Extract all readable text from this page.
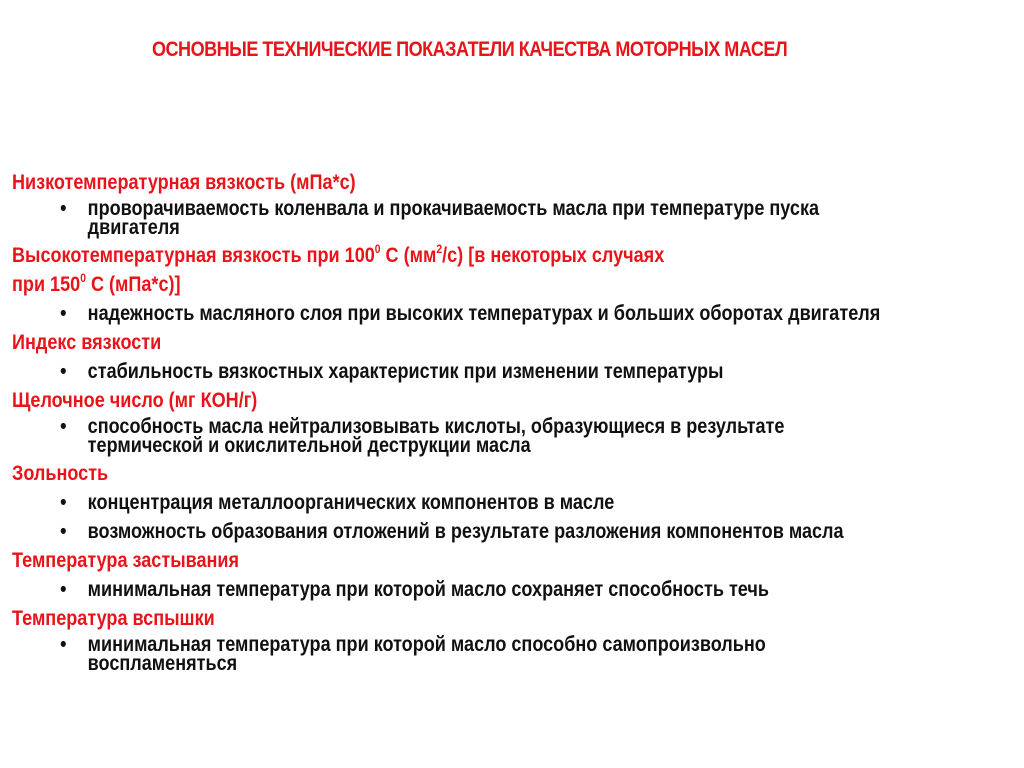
ОСНОВНЫЕ ТЕХНИЧЕСКИЕ ПОКАЗАТЕЛИ КАЧЕСТВА МОТОРНЫХ МАСЕЛ
Низкотемпературная вязкость (мПа*с)
• проворачиваемость коленвала и прокачиваемость масла при температуре пуска
двигателя
Высокотемпературная вязкость при $100^0$ С $(мм^2/с)$ [в некоторых случаях
при $150^0$ С (мПа*с)]
• надежность масляного слоя при высоких температурах и больших оборотах двигателя
Индекс вязкости
• стабильность вязкостных характеристик при изменении температуры
Щелочное число (мг КОН/г)
• способность масла нейтрализовывать кислоты, образующиеся в результате
термической и окислительной деструкции масла
Зольность
• концентрация металлоорганических компонентов в масле
• возможность образования отложений в результате разложения компонентов масла
Температура застывания
• минимальная температура при которой масло сохраняет способность течь
Температура вспышки
• минимальная температура при которой масло способно самопроизвольно
воспламеняться
